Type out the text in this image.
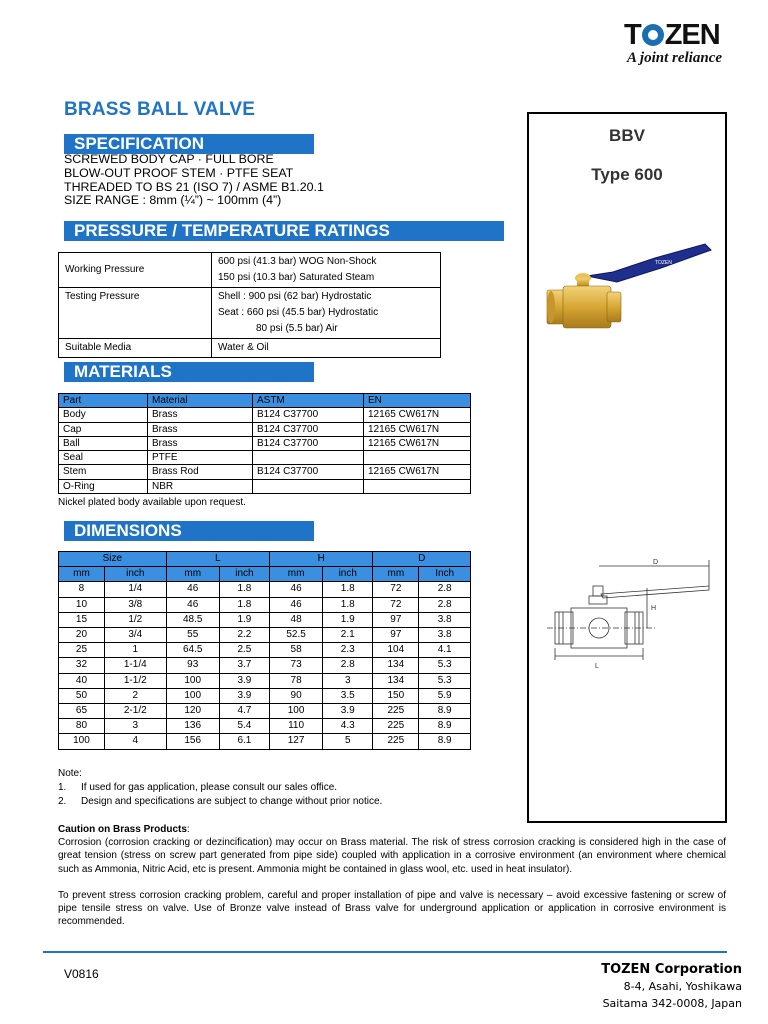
T ZEN
A joint reliance
BRASS BALL VALVE
SPECIFICATION
SCREWED BODY CAP · FULL BORE
BLOW-OUT PROOF STEM · PTFE SEAT
THREADED TO BS 21 (ISO 7) / ASME B1.20.1
SIZE RANGE : 8mm (¼”) ~ 100mm (4”)
PRESSURE / TEMPERATURE RATINGS
Working Pressure	600 psi (41.3 bar) WOG Non-Shock
150 psi (10.3 bar) Saturated Steam

Testing Pressure	Shell : 900 psi (62 bar) Hydrostatic
Seat : 660 psi (45.5 bar) Hydrostatic
80 psi (5.5 bar) Air

Suitable Media	Water & Oil
MATERIALS
Part	Material	ASTM	EN
Body	Brass	B124 C37700	12165 CW617N
Cap	Brass	B124 C37700	12165 CW617N
Ball	Brass	B124 C37700	12165 CW617N
Seal	PTFE		
Stem	Brass Rod	B124 C37700	12165 CW617N
O-Ring	NBR		
Nickel plated body available upon request.
DIMENSIONS
Size		L		H		D	
mm	inch	mm	inch	mm	inch	mm	Inch
8	1/4	46	1.8	46	1.8	72	2.8
10	3/8	46	1.8	46	1.8	72	2.8
15	1/2	48.5	1.9	48	1.9	97	3.8
20	3/4	55	2.2	52.5	2.1	97	3.8
25	1	64.5	2.5	58	2.3	104	4.1
32	1-1/4	93	3.7	73	2.8	134	5.3
40	1-1/2	100	3.9	78	3	134	5.3
50	2	100	3.9	90	3.5	150	5.9
65	2-1/2	120	4.7	100	3.9	225	8.9
80	3	136	5.4	110	4.3	225	8.9
100	4	156	6.1	127	5	225	8.9
Note:
1. If used for gas application, please consult our sales office.
2. Design and specifications are subject to change without prior notice.

Caution on Brass Products:

Corrosion (corrosion cracking or dezincification) may occur on Brass material. The risk of stress corrosion cracking is considered high in the case of great tension (stress on screw part generated from pipe side) coupled with application in a corrosive environment (an environment where chemical such as Ammonia, Nitric Acid, etc is present. Ammonia might be contained in glass wool, etc. used in heat insulator).

To prevent stress corrosion cracking problem, careful and proper installation of pipe and valve is necessary – avoid excessive fastening or screw of pipe tensile stress on valve. Use of Bronze valve instead of Brass valve for underground application or application in corrosive environment is recommended.

BBV
Type 600
TOZEN
D
H
L
V0816	TOZEN Corporation
8-4, Asahi, Yoshikawa
Saitama 342-0008, Japan
